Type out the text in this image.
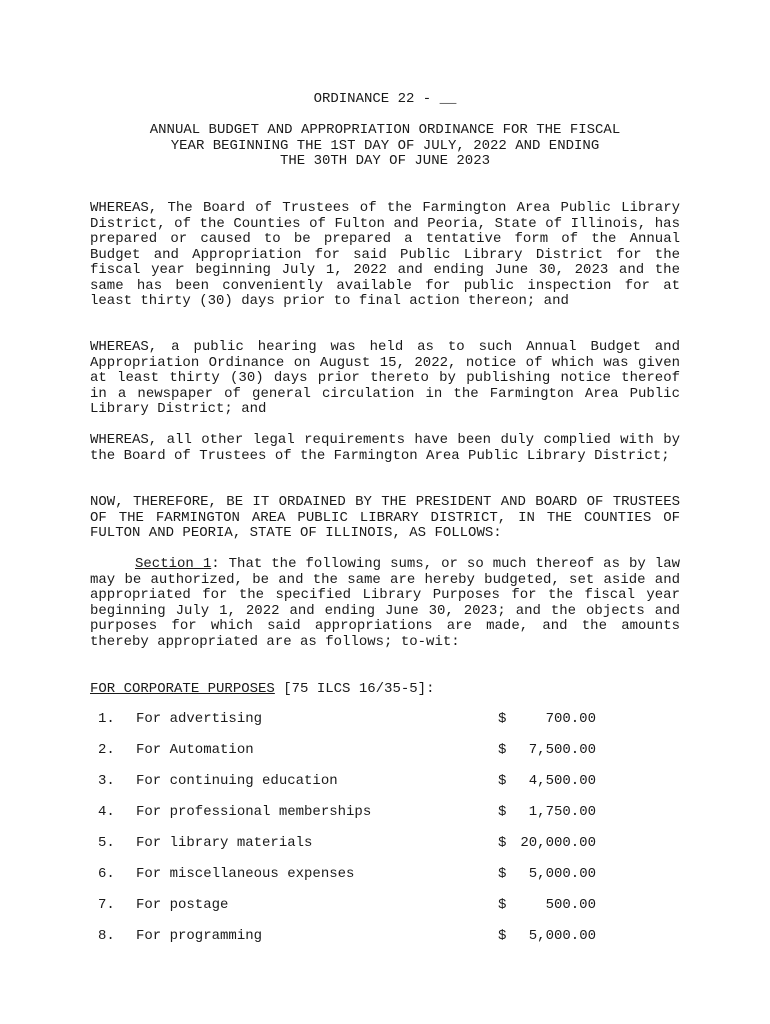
ORDINANCE 22 - __
ANNUAL BUDGET AND APPROPRIATION ORDINANCE FOR THE FISCAL
YEAR BEGINNING THE 1ST DAY OF JULY, 2022 AND ENDING
THE 30TH DAY OF JUNE 2023
WHEREAS, The Board of Trustees of the Farmington Area Public Library District, of the Counties of Fulton and Peoria, State of Illinois, has prepared or caused to be prepared a tentative form of the Annual Budget and Appropriation for said Public Library District for the fiscal year beginning July 1, 2022 and ending June 30, 2023 and the same has been conveniently available for public inspection for at least thirty (30) days prior to final action thereon; and
WHEREAS, a public hearing was held as to such Annual Budget and Appropriation Ordinance on August 15, 2022, notice of which was given at least thirty (30) days prior thereto by publishing notice thereof in a newspaper of general circulation in the Farmington Area Public Library District; and
WHEREAS, all other legal requirements have been duly complied with by the Board of Trustees of the Farmington Area Public Library District;
NOW, THEREFORE, BE IT ORDAINED BY THE PRESIDENT AND BOARD OF TRUSTEES OF THE FARMINGTON AREA PUBLIC LIBRARY DISTRICT, IN THE COUNTIES OF FULTON AND PEORIA, STATE OF ILLINOIS, AS FOLLOWS:
Section 1: That the following sums, or so much thereof as by law may be authorized, be and the same are hereby budgeted, set aside and appropriated for the specified Library Purposes for the fiscal year beginning July 1, 2022 and ending June 30, 2023; and the objects and purposes for which said appropriations are made, and the amounts thereby appropriated are as follows; to-wit:
FOR CORPORATE PURPOSES [75 ILCS 16/35-5]:
1.	For advertising	$	700.00
2.	For Automation	$ 7,500.00
3.	For continuing education	$ 4,500.00
4.	For professional memberships	$ 1,750.00
5.	For library materials	$ 20,000.00
6.	For miscellaneous expenses	$ 5,000.00
7.	For postage	$	500.00
8.	For programming	$ 5,000.00
